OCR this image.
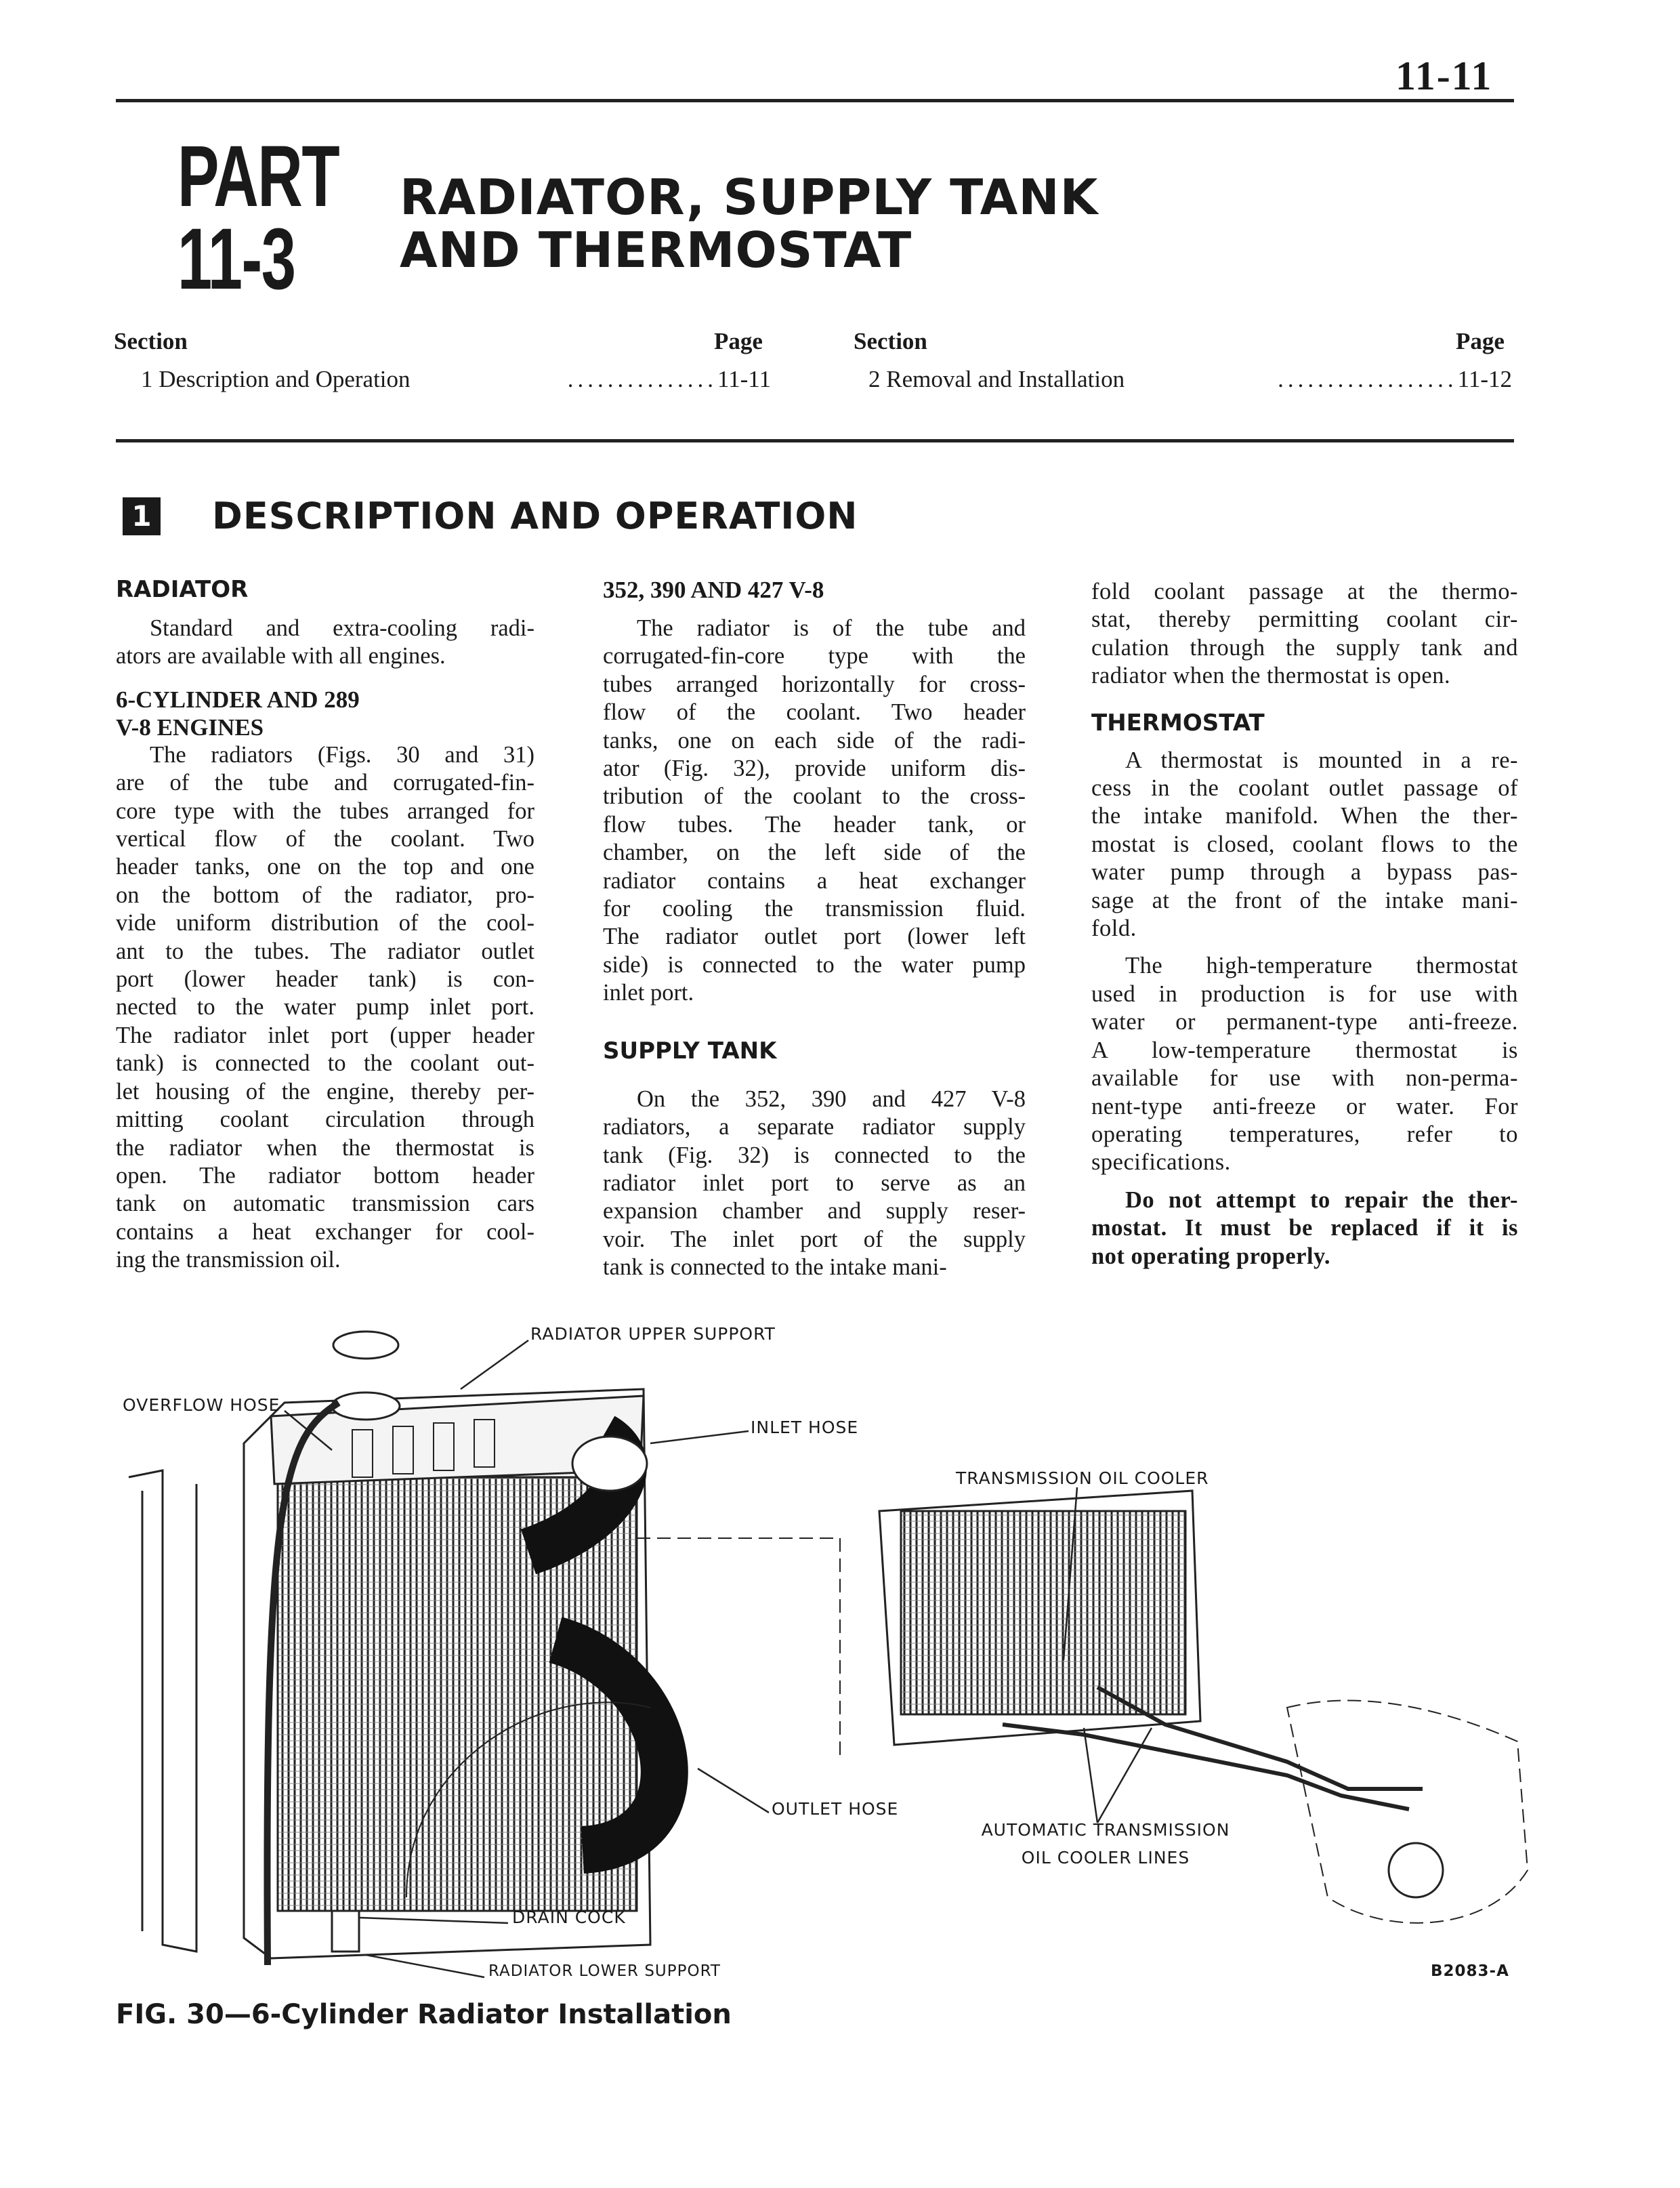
11-11
PART
11-3
RADIATOR, SUPPLY TANK
AND THERMOSTAT
Section	Page	Section	Page
1 Description and Operation	............... 11-11	2 Removal and Installation	.................. 11-12
1 DESCRIPTION AND OPERATION
RADIATOR
Standard and extra-cooling radi-
ators are available with all engines.
6-CYLINDER AND 289
V-8 ENGINES
The radiators (Figs. 30 and 31)
are of the tube and corrugated-fin-
core type with the tubes arranged for
vertical flow of the coolant. Two
header tanks, one on the top and one
on the bottom of the radiator, pro-
vide uniform distribution of the cool-
ant to the tubes. The radiator outlet
port (lower header tank) is con-
nected to the water pump inlet port.
The radiator inlet port (upper header
tank) is connected to the coolant out-
let housing of the engine, thereby per-
mitting coolant circulation through
the radiator when the thermostat is
open. The radiator bottom header
tank on automatic transmission cars
contains a heat exchanger for cool-
ing the transmission oil.
352, 390 AND 427 V-8
The radiator is of the tube and
corrugated-fin-core type with the
tubes arranged horizontally for cross-
flow of the coolant. Two header
tanks, one on each side of the radi-
ator (Fig. 32), provide uniform dis-
tribution of the coolant to the cross-
flow tubes. The header tank, or
chamber, on the left side of the
radiator contains a heat exchanger
for cooling the transmission fluid.
The radiator outlet port (lower left
side) is connected to the water pump
inlet port.
SUPPLY TANK
On the 352, 390 and 427 V-8
radiators, a separate radiator supply
tank (Fig. 32) is connected to the
radiator inlet port to serve as an
expansion chamber and supply reser-
voir. The inlet port of the supply
tank is connected to the intake mani-
fold coolant passage at the thermo-
stat, thereby permitting coolant cir-
culation through the supply tank and
radiator when the thermostat is open.
THERMOSTAT
A thermostat is mounted in a re-
cess in the coolant outlet passage of
the intake manifold. When the ther-
mostat is closed, coolant flows to the
water pump through a bypass pas-
sage at the front of the intake mani-
fold.
The high-temperature thermostat
used in production is for use with
water or permanent-type anti-freeze.
A low-temperature thermostat is
available for use with non-perma-
nent-type anti-freeze or water. For
operating temperatures, refer to
specifications.
Do not attempt to repair the ther-
mostat. It must be replaced if it is
not operating properly.
RADIATOR UPPER SUPPORT
OVERFLOW HOSE
INLET HOSE
TRANSMISSION OIL COOLER
OUTLET HOSE
AUTOMATIC TRANSMISSION
OIL COOLER LINES
DRAIN COCK
RADIATOR LOWER SUPPORT	B2083-A
FIG. 30—6-Cylinder Radiator Installation
